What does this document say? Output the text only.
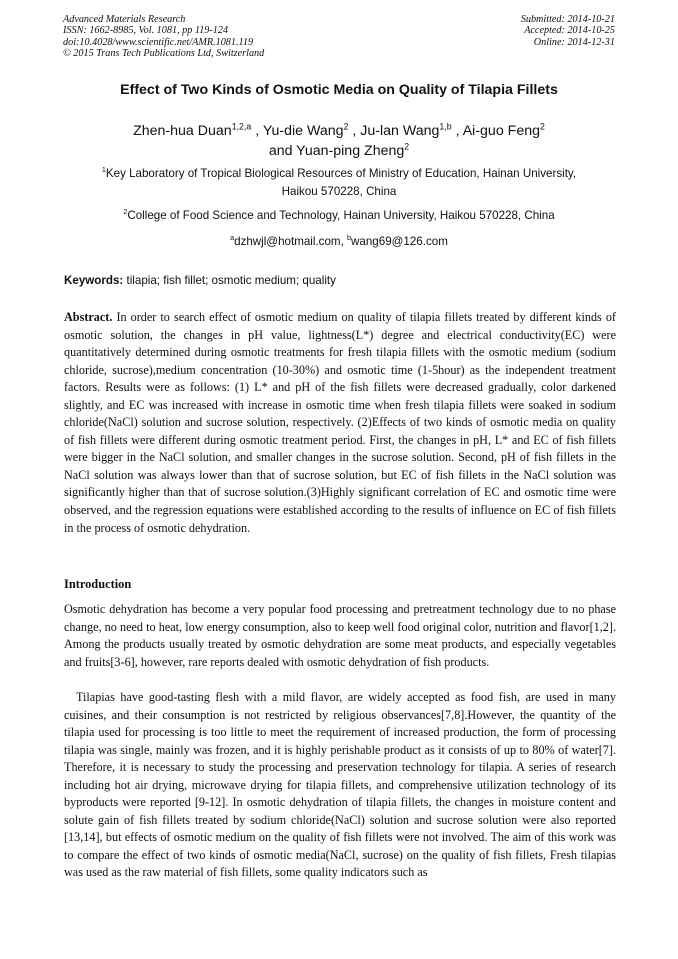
Advanced Materials Research
ISSN: 1662-8985, Vol. 1081, pp 119-124
doi:10.4028/www.scientific.net/AMR.1081.119
© 2015 Trans Tech Publications Ltd, Switzerland
Submitted: 2014-10-21
Accepted: 2014-10-25
Online: 2014-12-31
Effect of Two Kinds of Osmotic Media on Quality of Tilapia Fillets
Zhen-hua Duan$^{1,2,a}$ , Yu-die Wang$^2$ , Ju-lan Wang$^{1,b}$ , Ai-guo Feng$^2$
and Yuan-ping Zheng$^2$
$^1$Key Laboratory of Tropical Biological Resources of Ministry of Education, Hainan University,
Haikou 570228, China
$^2$College of Food Science and Technology, Hainan University, Haikou 570228, China
$^a$dzhwjl@hotmail.com, $^b$wang69@126.com
Keywords: tilapia; fish fillet; osmotic medium; quality

Abstract. In order to search effect of osmotic medium on quality of tilapia fillets treated by different kinds of osmotic solution, the changes in pH value, lightness(L*) degree and electrical conductivity(EC) were quantitatively determined during osmotic treatments for fresh tilapia fillets with the osmotic medium (sodium chloride, sucrose),medium concentration (10-30%) and osmotic time (1-5hour) as the independent treatment factors. Results were as follows: (1) L* and pH of the fish fillets were decreased gradually, color darkened slightly, and EC was increased with increase in osmotic time when fresh tilapia fillets were soaked in sodium chloride(NaCl) solution and sucrose solution, respectively. (2)Effects of two kinds of osmotic media on quality of fish fillets were different during osmotic treatment period. First, the changes in pH, L* and EC of fish fillets were bigger in the NaCl solution, and smaller changes in the sucrose solution. Second, pH of fish fillets in the NaCl solution was always lower than that of sucrose solution, but EC of fish fillets in the NaCl solution was significantly higher than that of sucrose solution.(3)Highly significant correlation of EC and osmotic time were observed, and the regression equations were established according to the results of influence on EC of fish fillets in the process of osmotic dehydration.

Introduction

Osmotic dehydration has become a very popular food processing and pretreatment technology due to no phase change, no need to heat, low energy consumption, also to keep well food original color, nutrition and flavor[1,2]. Among the products usually treated by osmotic dehydration are some meat products, and especially vegetables and fruits[3-6], however, rare reports dealed with osmotic dehydration of fish products.

Tilapias have good-tasting flesh with a mild flavor, are widely accepted as food fish, are used in many cuisines, and their consumption is not restricted by religious observances[7,8].However, the quantity of the tilapia used for processing is too little to meet the requirement of increased production, the form of processing tilapia was single, mainly was frozen, and it is highly perishable product as it consists of up to 80% of water[7]. Therefore, it is necessary to study the processing and preservation technology for tilapia. A series of research including hot air drying, microwave drying for tilapia fillets, and comprehensive utilization technology of its byproducts were reported [9-12]. In osmotic dehydration of tilapia fillets, the changes in moisture content and solute gain of fish fillets treated by sodium chloride(NaCl) solution and sucrose solution were also reported [13,14], but effects of osmotic medium on the quality of fish fillets were not involved. The aim of this work was to compare the effect of two kinds of osmotic media(NaCl, sucrose) on the quality of fish fillets, Fresh tilapias was used as the raw material of fish fillets, some quality indicators such as
